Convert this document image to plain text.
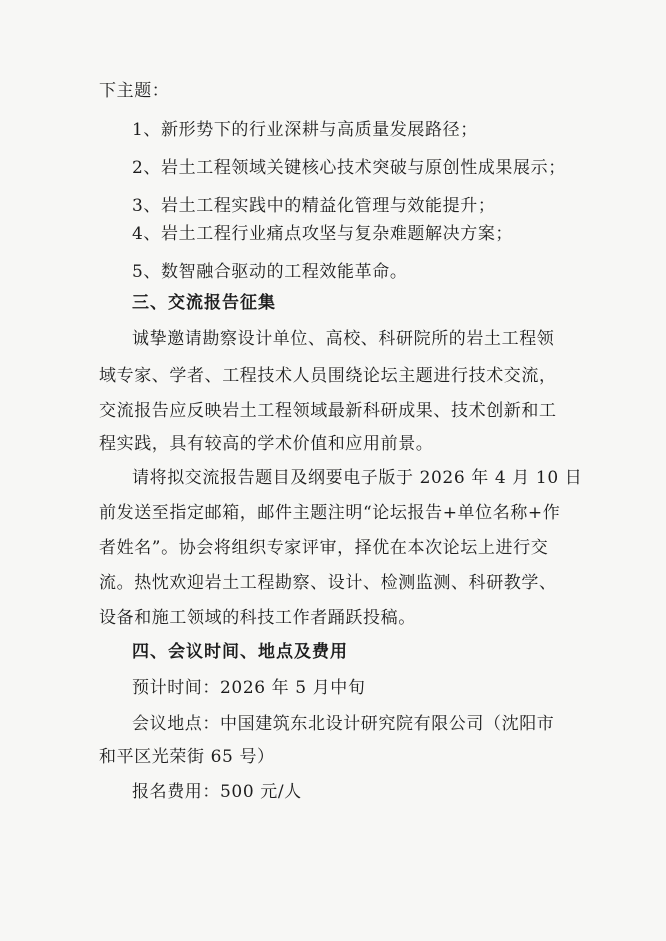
下主题：
1、新形势下的行业深耕与高质量发展路径；
2、岩土工程领域关键核心技术突破与原创性成果展示；
3、岩土工程实践中的精益化管理与效能提升；
4、岩土工程行业痛点攻坚与复杂难题解决方案；
5、数智融合驱动的工程效能革命。
三、交流报告征集
诚挚邀请勘察设计单位、高校、科研院所的岩土工程领
域专家、学者、工程技术人员围绕论坛主题进行技术交流，
交流报告应反映岩土工程领域最新科研成果、技术创新和工
程实践，具有较高的学术价值和应用前景。
请将拟交流报告题目及纲要电子版于 2026 年 4 月 10 日
前发送至指定邮箱，邮件主题注明“论坛报告+单位名称+作
者姓名”。协会将组织专家评审，择优在本次论坛上进行交
流。热忱欢迎岩土工程勘察、设计、检测监测、科研教学、
设备和施工领域的科技工作者踊跃投稿。
四、会议时间、地点及费用
预计时间：2026 年 5 月中旬
会议地点：中国建筑东北设计研究院有限公司（沈阳市
和平区光荣街 65 号）
报名费用：500 元/人
